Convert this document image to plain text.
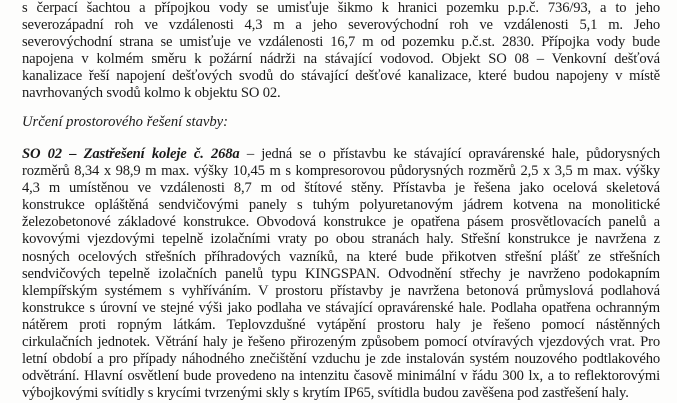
s čerpací šachtou a přípojkou vody se umisťuje šikmo k hranici pozemku p.p.č. 736/93, a to jeho
severozápadní roh ve vzdálenosti 4,3 m a jeho severovýchodní roh ve vzdálenosti 5,1 m. Jeho
severovýchodní strana se umisťuje ve vzdálenosti 16,7 m od pozemku p.č.st. 2830. Přípojka vody bude
napojena v kolmém směru k požární nádrži na stávající vodovod. Objekt SO 08 – Venkovní dešťová
kanalizace řeší napojení dešťových svodů do stávající dešťové kanalizace, které budou napojeny v místě
navrhovaných svodů kolmo k objektu SO 02.

Určení prostorového řešení stavby:

SO 02 – Zastřešení koleje č. 268a – jedná se o přístavbu ke stávající opravárenské hale, půdorysných
rozměrů 8,34 x 98,9 m max. výšky 10,45 m s kompresorovou půdorysných rozměrů 2,5 x 3,5 m max. výšky
4,3 m umístěnou ve vzdálenosti 8,7 m od štítové stěny. Přístavba je řešena jako ocelová skeletová
konstrukce opláštěná sendvičovými panely s tuhým polyuretanovým jádrem kotvena na monolitické
železobetonové základové konstrukce. Obvodová konstrukce je opatřena pásem prosvětlovacích panelů a
kovovými vjezdovými tepelně izolačními vraty po obou stranách haly. Střešní konstrukce je navržena z
nosných ocelových střešních příhradových vazníků, na které bude přikotven střešní plášť ze střešních
sendvičových tepelně izolačních panelů typu KINGSPAN. Odvodnění střechy je navrženo podokapním
klempířským systémem s vyhříváním. V prostoru přístavby je navržena betonová průmyslová podlahová
konstrukce s úrovní ve stejné výši jako podlaha ve stávající opravárenské hale. Podlaha opatřena ochranným
nátěrem proti ropným látkám. Teplovzdušné vytápění prostoru haly je řešeno pomocí nástěnných
cirkulačních jednotek. Větrání haly je řešeno přirozeným způsobem pomocí otvíravých vjezdových vrat. Pro
letní období a pro případy náhodného znečištění vzduchu je zde instalován systém nouzového podtlakového
odvětrání. Hlavní osvětlení bude provedeno na intenzitu časově minimální v řádu 300 lx, a to reflektorovými
výbojkovými svítidly s krycími tvrzenými skly s krytím IP65, svítidla budou zavěšena pod zastřešení haly.
